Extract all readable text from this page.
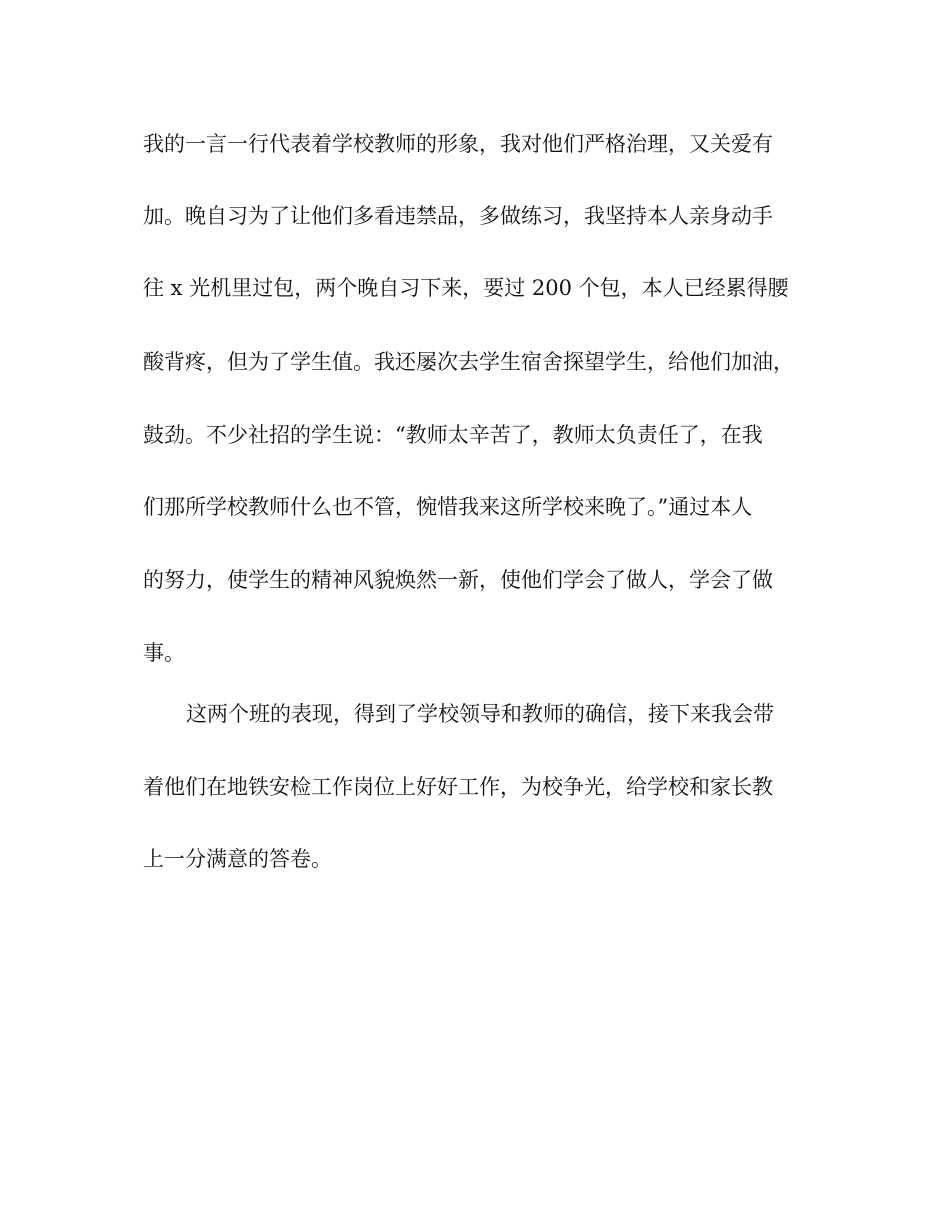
我的一言一行代表着学校教师的形象，我对他们严格治理，又关爱有
加。晚自习为了让他们多看违禁品，多做练习，我坚持本人亲身动手
往 x 光机里过包，两个晚自习下来，要过 200 个包，本人已经累得腰
酸背疼，但为了学生值。我还屡次去学生宿舍探望学生，给他们加油，
鼓劲。不少社招的学生说：“教师太辛苦了，教师太负责任了，在我
们那所学校教师什么也不管，惋惜我来这所学校来晚了。”通过本人
的努力，使学生的精神风貌焕然一新，使他们学会了做人，学会了做
事。
这两个班的表现，得到了学校领导和教师的确信，接下来我会带
着他们在地铁安检工作岗位上好好工作，为校争光，给学校和家长教
上一分满意的答卷。
